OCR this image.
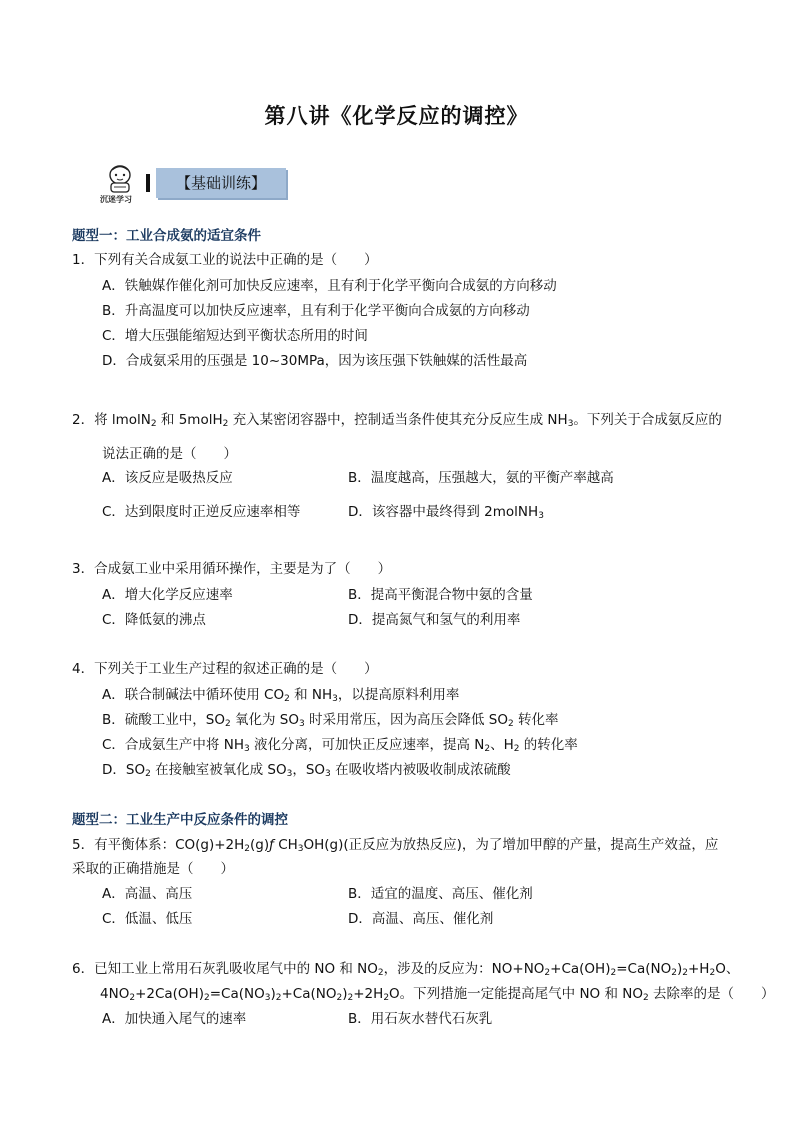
第八讲《化学反应的调控》
沉迷学习
【基础训练】
题型一：工业合成氨的适宜条件
1．下列有关合成氨工业的说法中正确的是（　　）
A．铁触媒作催化剂可加快反应速率，且有利于化学平衡向合成氨的方向移动
B．升高温度可以加快反应速率，且有利于化学平衡向合成氨的方向移动
C．增大压强能缩短达到平衡状态所用的时间
D．合成氨采用的压强是 10~30MPa，因为该压强下铁触媒的活性最高
2．将 lmolN$_2$ 和 5molH$_2$ 充入某密闭容器中，控制适当条件使其充分反应生成 $NH_3$。下列关于合成氨反应的
说法正确的是（　　）
A．该反应是吸热反应	B．温度越高，压强越大，氨的平衡产率越高
C．达到限度时正逆反应速率相等	D．该容器中最终得到 2molNH$_3$
3．合成氨工业中采用循环操作，主要是为了（　　）
A．增大化学反应速率	B．提高平衡混合物中氨的含量
C．降低氨的沸点	D．提高氮气和氢气的利用率
4．下列关于工业生产过程的叙述正确的是（　　）
A．联合制碱法中循环使用 $CO_2$ 和 $NH_3$，以提高原料利用率
B．硫酸工业中，$SO_2$ 氧化为 $SO_3$ 时采用常压，因为高压会降低 $SO_2$ 转化率
C．合成氨生产中将 $NH_3$ 液化分离，可加快正反应速率，提高 $N_2$、$H_2$ 的转化率
D．$SO_2$ 在接触室被氧化成 $SO_3$，$SO_3$ 在吸收塔内被吸收制成浓硫酸
题型二：工业生产中反应条件的调控
5．有平衡体系：$CO(g)+2H_2(g)ƒ$ $CH_3OH(g)$(正反应为放热反应)，为了增加甲醇的产量，提高生产效益，应
采取的正确措施是（　　）
A．高温、高压	B．适宜的温度、高压、催化剂
C．低温、低压	D．高温、高压、催化剂
6．已知工业上常用石灰乳吸收尾气中的 NO 和 $NO_2$，涉及的反应为：$NO+NO_2+Ca(OH)_2=Ca(NO_2)_2+H_2O$、
$4NO_2+2Ca(OH)_2=Ca(NO_3)_2+Ca(NO_2)_2+2H_2O$。下列措施一定能提高尾气中 NO 和 $NO_2$ 去除率的是（　　）
A．加快通入尾气的速率	B．用石灰水替代石灰乳
